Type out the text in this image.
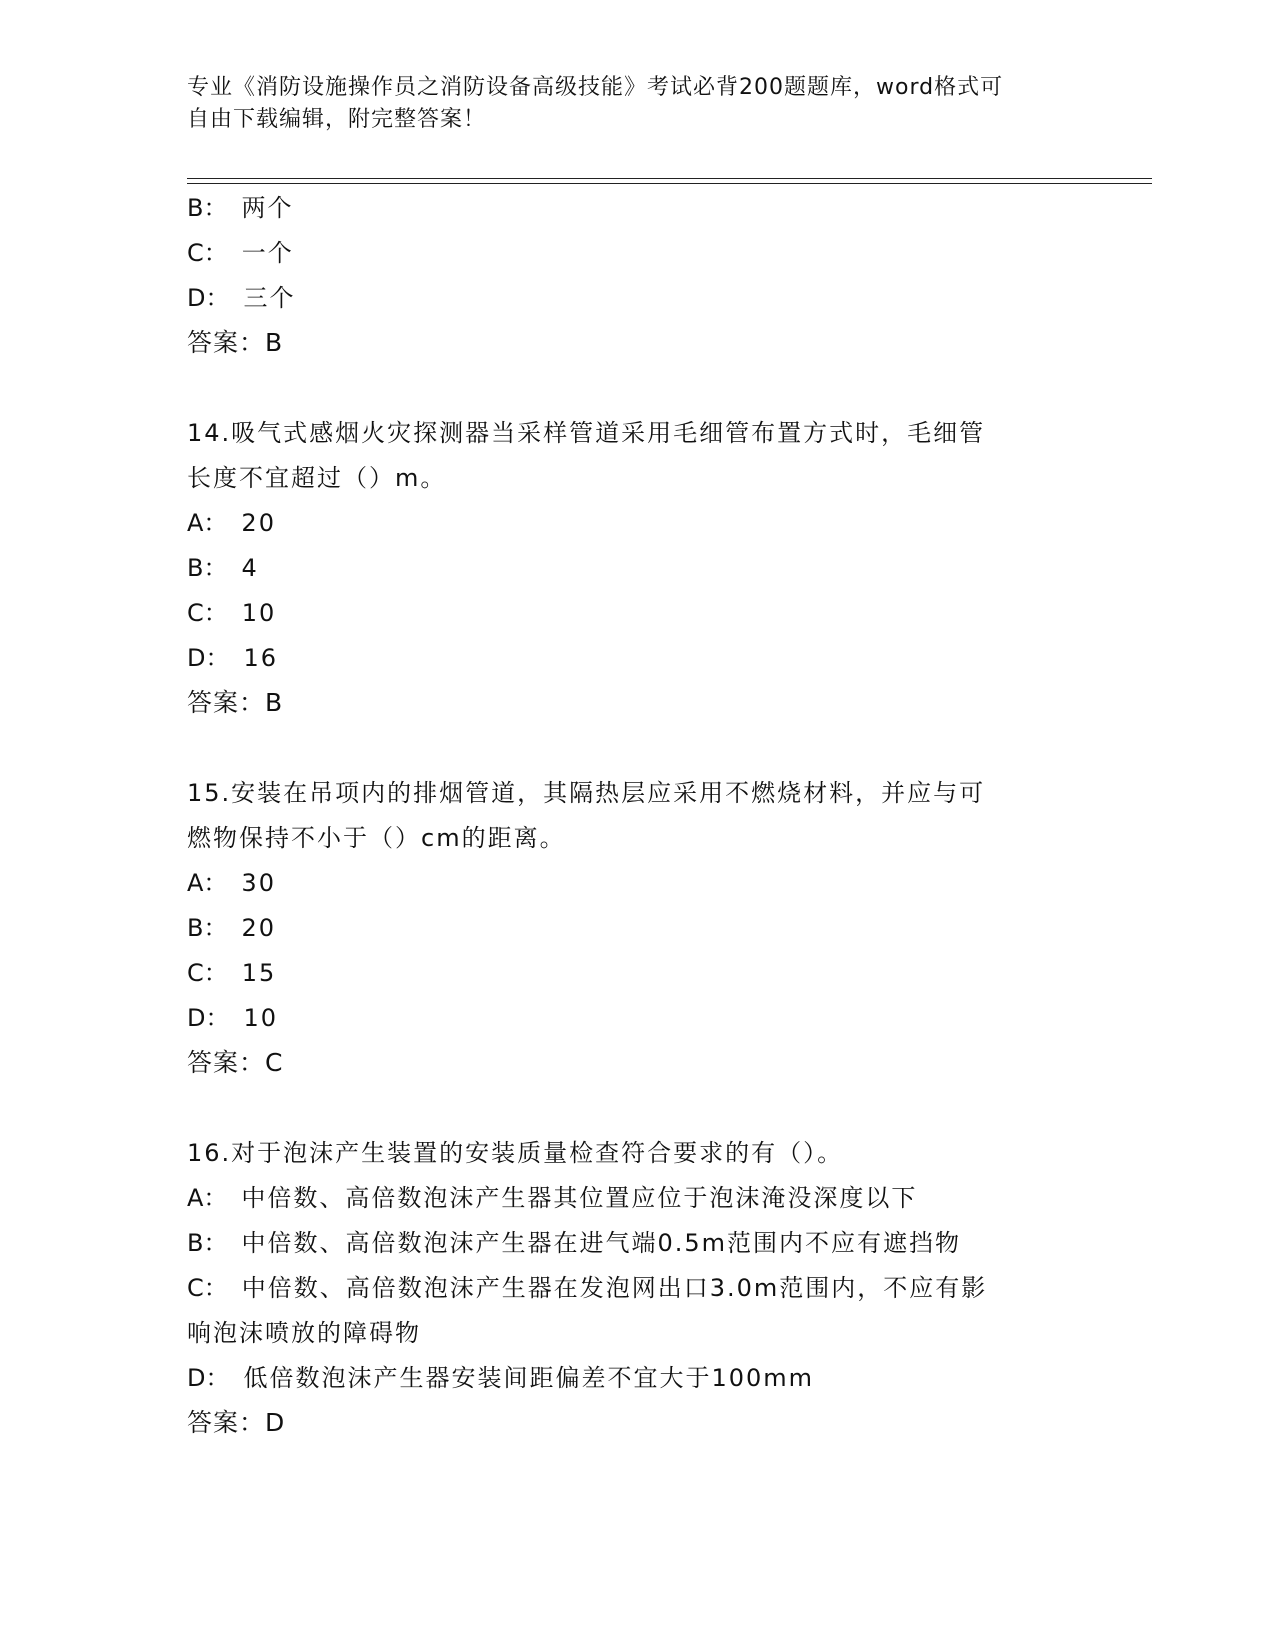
专业《消防设施操作员之消防设备高级技能》考试必背200题题库，word格式可
自由下载编辑，附完整答案！
B： 两个
C： 一个
D： 三个
答案：B
14.吸气式感烟火灾探测器当采样管道采用毛细管布置方式时，毛细管
长度不宜超过（）m。
A： 20
B： 4
C： 10
D： 16
答案：B
15.安装在吊项内的排烟管道，其隔热层应采用不燃烧材料，并应与可
燃物保持不小于（）cm的距离。
A： 30
B： 20
C： 15
D： 10
答案：C
16.对于泡沫产生装置的安装质量检查符合要求的有（）。
A： 中倍数、高倍数泡沫产生器其位置应位于泡沫淹没深度以下
B： 中倍数、高倍数泡沫产生器在进气端0.5m范围内不应有遮挡物
C： 中倍数、高倍数泡沫产生器在发泡网出口3.0m范围内，不应有影
响泡沫喷放的障碍物
D： 低倍数泡沫产生器安装间距偏差不宜大于100mm
答案：D
